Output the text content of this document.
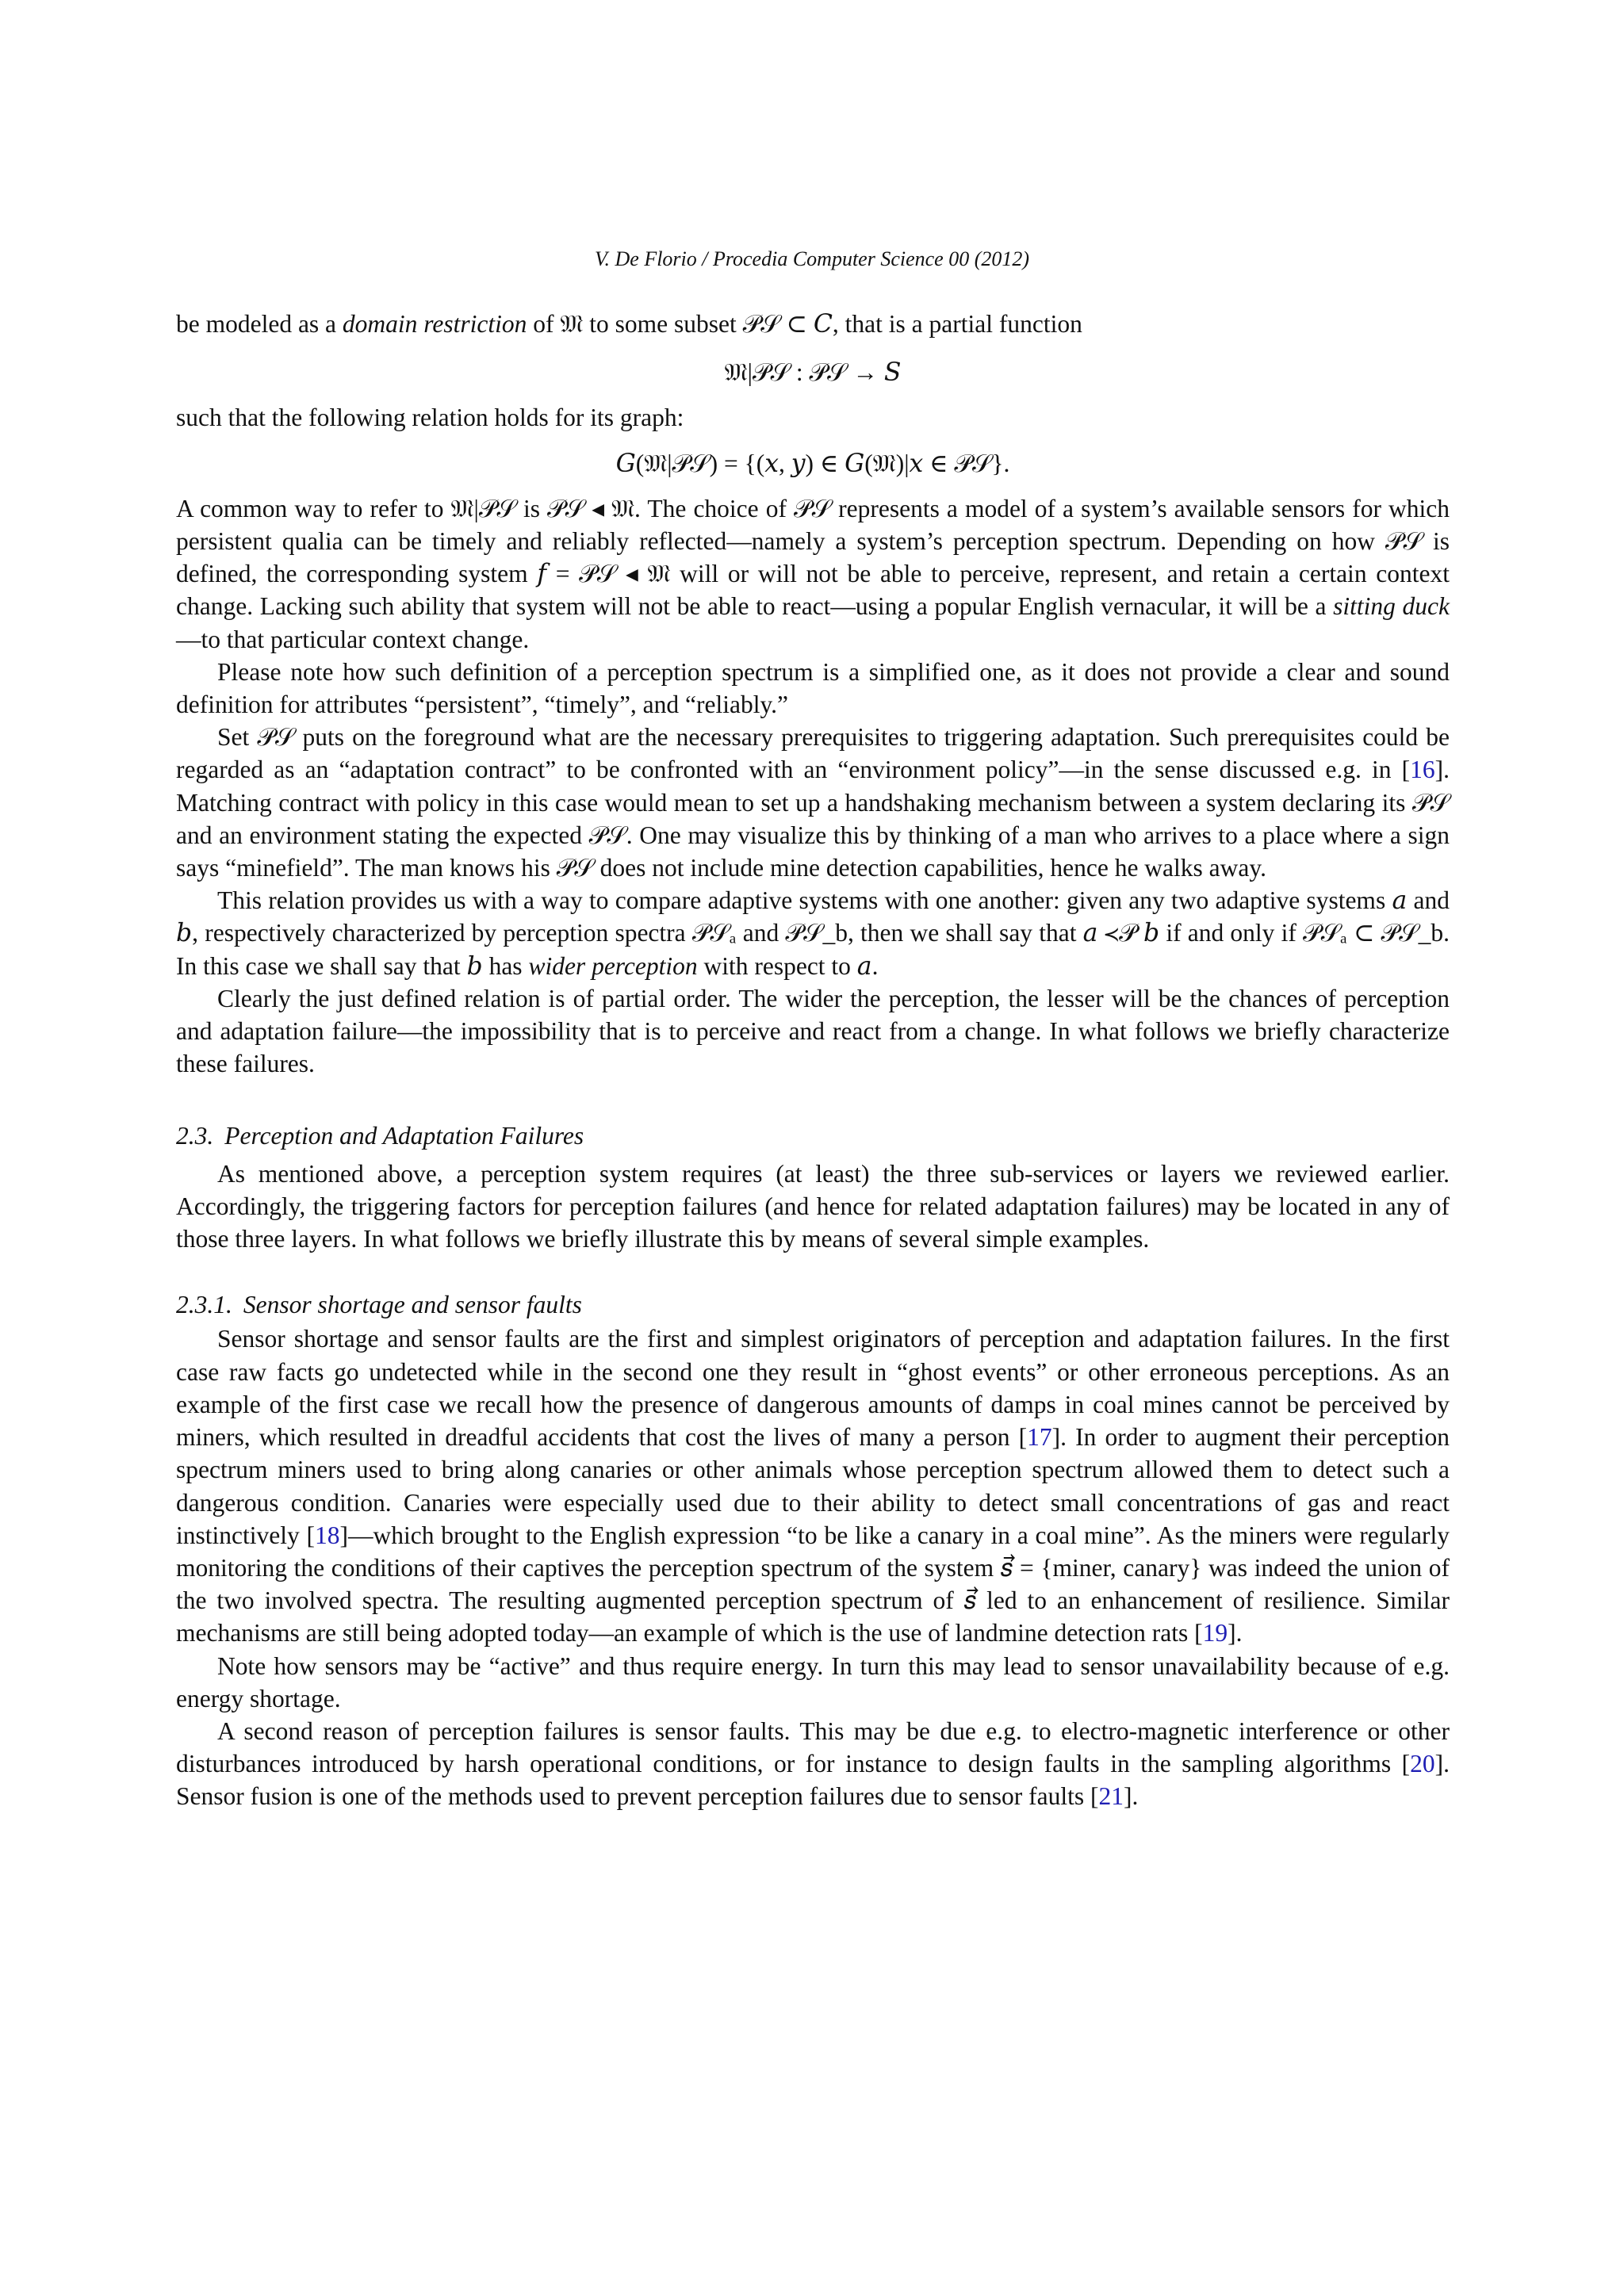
V. De Florio / Procedia Computer Science 00 (2012)

be modeled as a domain restriction of 𝔐 to some subset 𝒫𝒮 ⊂ 𝐶, that is a partial function

𝔐|𝒫𝒮 : 𝒫𝒮 → 𝑆

such that the following relation holds for its graph:

𝐺(𝔐|𝒫𝒮) = {(𝑥, 𝑦) ∈ 𝐺(𝔐)|𝑥 ∈ 𝒫𝒮}.

A common way to refer to 𝔐|𝒫𝒮 is 𝒫𝒮 ◂ 𝔐. The choice of 𝒫𝒮 represents a model of a system’s available sensors for which persistent qualia can be timely and reliably reflected—namely a system’s perception spectrum. Depending on how 𝒫𝒮 is defined, the corresponding system 𝑓 = 𝒫𝒮 ◂ 𝔐 will or will not be able to perceive, represent, and retain a certain context change. Lacking such ability that system will not be able to react—using a popular English vernacular, it will be a sitting duck—to that particular context change.

Please note how such definition of a perception spectrum is a simplified one, as it does not provide a clear and sound definition for attributes “persistent”, “timely”, and “reliably.”

Set 𝒫𝒮 puts on the foreground what are the necessary prerequisites to triggering adaptation. Such prerequisites could be regarded as an “adaptation contract” to be confronted with an “environment policy”—in the sense discussed e.g. in [16]. Matching contract with policy in this case would mean to set up a handshaking mechanism between a system declaring its 𝒫𝒮 and an environment stating the expected 𝒫𝒮. One may visualize this by thinking of a man who arrives to a place where a sign says “minefield”. The man knows his 𝒫𝒮 does not include mine detection capabilities, hence he walks away.

This relation provides us with a way to compare adaptive systems with one another: given any two adaptive systems 𝑎 and 𝑏, respectively characterized by perception spectra 𝒫𝒮ₐ and 𝒫𝒮_b, then we shall say that 𝑎 ≺𝒫 𝑏 if and only if 𝒫𝒮ₐ ⊂ 𝒫𝒮_b. In this case we shall say that 𝑏 has wider perception with respect to 𝑎.

Clearly the just defined relation is of partial order. The wider the perception, the lesser will be the chances of perception and adaptation failure—the impossibility that is to perceive and react from a change. In what follows we briefly characterize these failures.

2.3. Perception and Adaptation Failures

As mentioned above, a perception system requires (at least) the three sub-services or layers we reviewed earlier. Accordingly, the triggering factors for perception failures (and hence for related adaptation failures) may be located in any of those three layers. In what follows we briefly illustrate this by means of several simple examples.

2.3.1. Sensor shortage and sensor faults

Sensor shortage and sensor faults are the first and simplest originators of perception and adaptation failures. In the first case raw facts go undetected while in the second one they result in “ghost events” or other erroneous perceptions. As an example of the first case we recall how the presence of dangerous amounts of damps in coal mines cannot be perceived by miners, which resulted in dreadful accidents that cost the lives of many a person [17]. In order to augment their perception spectrum miners used to bring along canaries or other animals whose perception spectrum allowed them to detect such a dangerous condition. Canaries were especially used due to their ability to detect small concentrations of gas and react instinctively [18]—which brought to the English expression “to be like a canary in a coal mine”. As the miners were regularly monitoring the conditions of their captives the perception spectrum of the system 𝑠⃗ = {miner, canary} was indeed the union of the two involved spectra. The resulting augmented perception spectrum of 𝑠⃗ led to an enhancement of resilience. Similar mechanisms are still being adopted today—an example of which is the use of landmine detection rats [19].

Note how sensors may be “active” and thus require energy. In turn this may lead to sensor unavailability because of e.g. energy shortage.

A second reason of perception failures is sensor faults. This may be due e.g. to electro-magnetic interference or other disturbances introduced by harsh operational conditions, or for instance to design faults in the sampling algorithms [20]. Sensor fusion is one of the methods used to prevent perception failures due to sensor faults [21].
